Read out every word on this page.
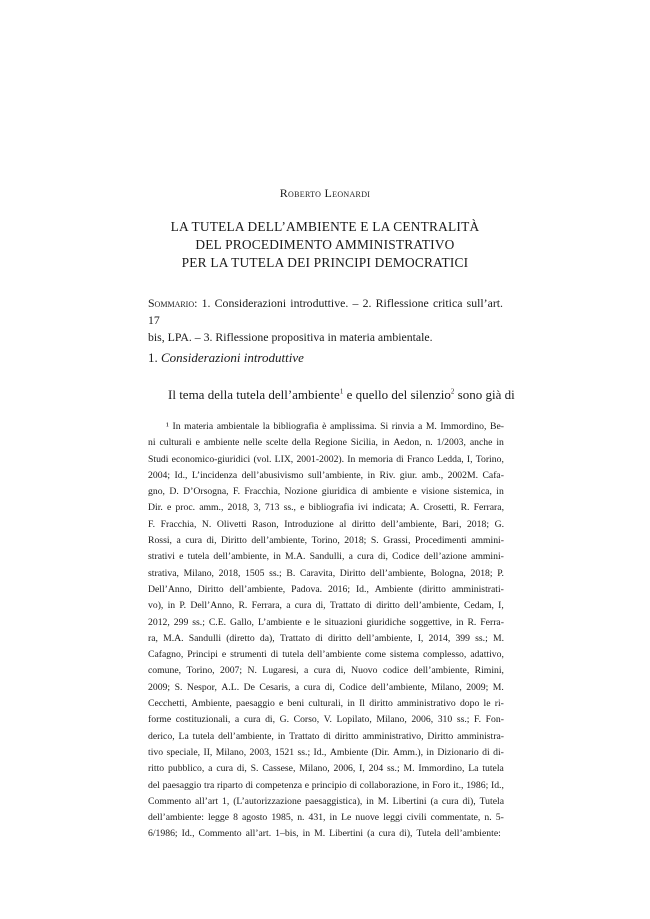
Roberto Leonardi
LA TUTELA DELL’AMBIENTE E LA CENTRALITÀ
DEL PROCEDIMENTO AMMINISTRATIVO
PER LA TUTELA DEI PRINCIPI DEMOCRATICI
Sommario: 1. Considerazioni introduttive. – 2. Riflessione critica sull’art. 17
bis, LPA. – 3. Riflessione propositiva in materia ambientale.
1. Considerazioni introduttive
Il tema della tutela dell’ambiente$^1$ e quello del silenzio$^2$ sono già di
¹ In materia ambientale la bibliografia è amplissima. Si rinvia a M. Immordino, Be-
ni culturali e ambiente nelle scelte della Regione Sicilia, in Aedon, n. 1/2003, anche in
Studi economico-giuridici (vol. LIX, 2001-2002). In memoria di Franco Ledda, I, Torino,
2004; Id., L’incidenza dell’abusivismo sull’ambiente, in Riv. giur. amb., 2002M. Cafa-
gno, D. D’Orsogna, F. Fracchia, Nozione giuridica di ambiente e visione sistemica, in
Dir. e proc. amm., 2018, 3, 713 ss., e bibliografia ivi indicata; A. Crosetti, R. Ferrara,
F. Fracchia, N. Olivetti Rason, Introduzione al diritto dell’ambiente, Bari, 2018; G.
Rossi, a cura di, Diritto dell’ambiente, Torino, 2018; S. Grassi, Procedimenti ammini-
strativi e tutela dell’ambiente, in M.A. Sandulli, a cura di, Codice dell’azione ammini-
strativa, Milano, 2018, 1505 ss.; B. Caravita, Diritto dell’ambiente, Bologna, 2018; P.
Dell’Anno, Diritto dell’ambiente, Padova. 2016; Id., Ambiente (diritto amministrati-
vo), in P. Dell’Anno, R. Ferrara, a cura di, Trattato di diritto dell’ambiente, Cedam, I,
2012, 299 ss.; C.E. Gallo, L’ambiente e le situazioni giuridiche soggettive, in R. Ferra-
ra, M.A. Sandulli (diretto da), Trattato di diritto dell’ambiente, I, 2014, 399 ss.; M.
Cafagno, Principi e strumenti di tutela dell’ambiente come sistema complesso, adattivo,
comune, Torino, 2007; N. Lugaresi, a cura di, Nuovo codice dell’ambiente, Rimini,
2009; S. Nespor, A.L. De Cesaris, a cura di, Codice dell’ambiente, Milano, 2009; M.
Cecchetti, Ambiente, paesaggio e beni culturali, in Il diritto amministrativo dopo le ri-
forme costituzionali, a cura di, G. Corso, V. Lopilato, Milano, 2006, 310 ss.; F. Fon-
derico, La tutela dell’ambiente, in Trattato di diritto amministrativo, Diritto amministra-
tivo speciale, II, Milano, 2003, 1521 ss.; Id., Ambiente (Dir. Amm.), in Dizionario di di-
ritto pubblico, a cura di, S. Cassese, Milano, 2006, I, 204 ss.; M. Immordino, La tutela
del paesaggio tra riparto di competenza e principio di collaborazione, in Foro it., 1986; Id.,
Commento all’art 1, (L’autorizzazione paesaggistica), in M. Libertini (a cura di), Tutela
dell’ambiente: legge 8 agosto 1985, n. 431, in Le nuove leggi civili commentate, n. 5-
6/1986; Id., Commento all’art. 1–bis, in M. Libertini (a cura di), Tutela dell’ambiente:
